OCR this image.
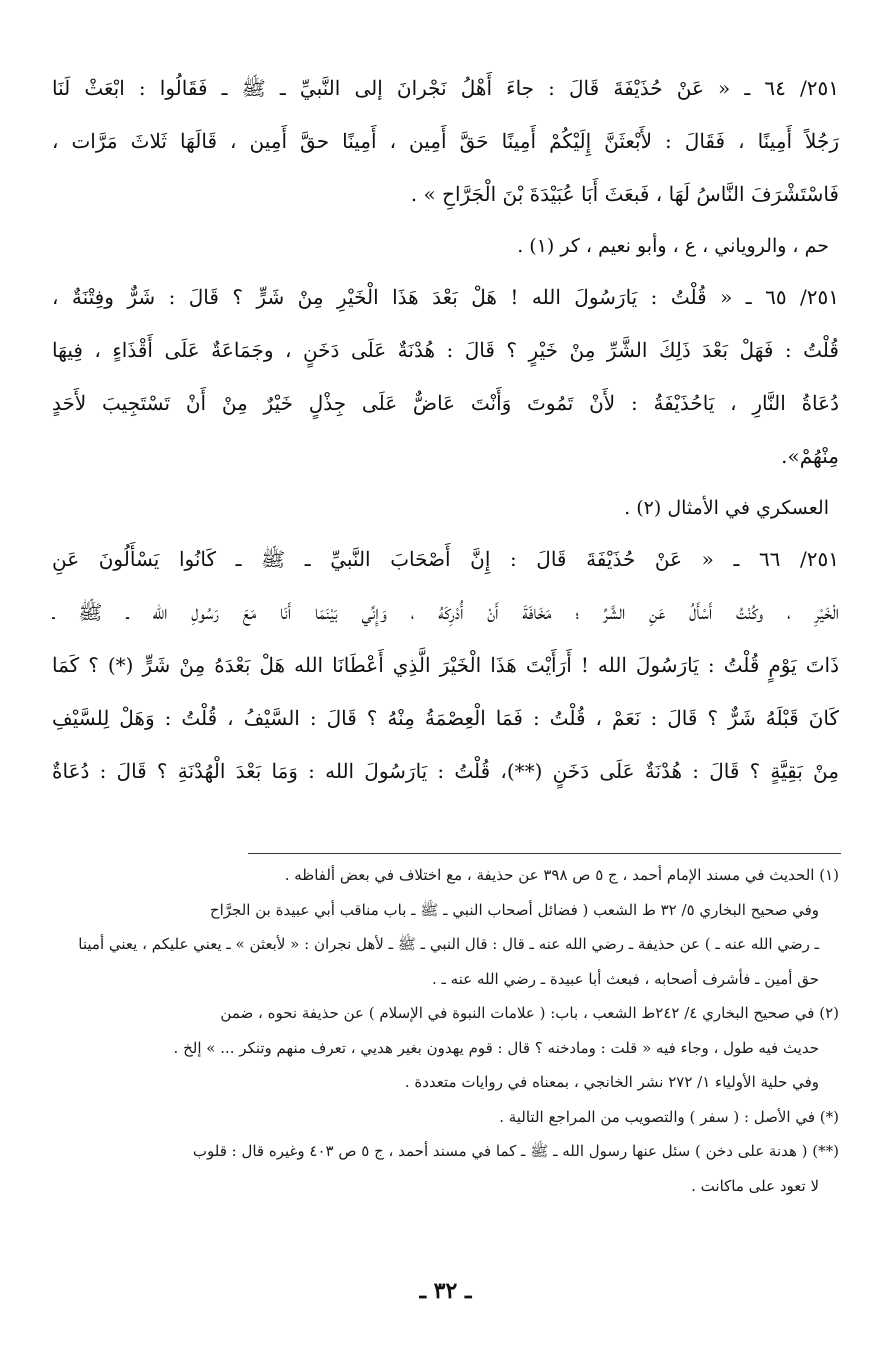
٢٥١/ ٦٤ ـ « عَنْ حُذَيْفَةَ قَالَ : جاءَ أَهْلُ نَجْرانَ إلى النَّبيِّ ـ ﷺ ـ فَقَالُوا : ابْعَثْ لَنَا
رَجُلاً أَمِينًا ، فَقَالَ : لأَبْعثَنَّ إِلَيْكُمْ أَمِينًا حَقَّ أَمِين ، أَمِينًا حقَّ أَمِين ، قَالَهَا ثَلاثَ مَرَّات ،
فَاسْتَشْرَفَ النَّاسُ لَهَا ، فَبعَثَ أَبَا عُبَيْدَةَ بْنَ الْجَرَّاحِ » .
حم ، والروياني ، ع ، وأبو نعيم ، كر (١) .
٢٥١/ ٦٥ ـ « قُلْتُ : يَارَسُولَ الله ! هَلْ بَعْدَ هَذَا الْخَيْرِ مِنْ شَرٍّ ؟ قَالَ : شَرٌّ وفِتْنَةٌ ،
قُلْتُ : فَهَلْ بَعْدَ ذَلِكَ الشَّرِّ مِنْ خَيْرٍ ؟ قَالَ : هُدْنَةٌ عَلَى دَخَنٍ ، وجَمَاعَةٌ عَلَى أَقْذَاءٍ ، فِيهَا
دُعَاةُ النَّارِ ، يَاحُذَيْفَةُ : لأَنْ تَمُوتَ وَأَنْتَ عَاضٌّ عَلَى جِذْلٍ خَيْرٌ مِنْ أَنْ تَسْتَجِيبَ لأَحَدٍ
مِنْهُمْ».
العسكري في الأمثال (٢) .
٢٥١/ ٦٦ ـ « عَنْ حُذَيْفَةَ قَالَ : إِنَّ أَصْحَابَ النَّبيِّ ـ ﷺ ـ كَانُوا يَسْأَلُونَ عَنِ
الْخَيْرِ ، وكُنْتُ أَسْأَلُ عَنِ الشَّرِّ ؛ مَخَافَةَ أَنْ أُدْرِكَهُ ، وَإِنِّي بَيْنَمَا أَنَا مَعَ رَسُولِ الله ـ ﷺ ـ
ذَاتَ يَوْمٍ قُلْتُ : يَارَسُولَ الله ! أَرَأَيْتَ هَذَا الْخَيْرَ الَّذِي أَعْطَانَا الله هَلْ بَعْدَهُ مِنْ شَرٍّ (*) ؟ كَمَا
كَانَ قَبْلَهُ شَرٌّ ؟ قَالَ : نَعَمْ ، قُلْتُ : فَمَا الْعِصْمَةُ مِنْهُ ؟ قَالَ : السَّيْفُ ، قُلْتُ : وَهَلْ لِلسَّيْفِ
مِنْ بَقِيَّةٍ ؟ قَالَ : هُدْنَةٌ عَلَى دَخَنٍ (**)، قُلْتُ : يَارَسُولَ الله : وَمَا بَعْدَ الْهُدْنَةِ ؟ قَالَ : دُعَاةٌ
(١) الحديث في مسند الإمام أحمد ، ج ٥ ص ٣٩٨ عن حذيفة ، مع اختلاف في بعض ألفاظه .
وفي صحيح البخاري ٥/ ٣٢ ط الشعب ( فضائل أصحاب النبي ـ ﷺ ـ باب مناقب أبي عبيدة بن الجرَّاح
ـ رضي الله عنه ـ ) عن حذيفة ـ رضي الله عنه ـ قال : قال النبي ـ ﷺ ـ لأهل نجران : « لأبعثن » ـ يعني عليكم ، يعني أمينا
حق أمين ـ فأشرف أصحابه ، فبعث أبا عبيدة ـ رضي الله عنه ـ .
(٢) في صحيح البخاري ٤/ ٢٤٢ط الشعب ، باب: ( علامات النبوة في الإسلام ) عن حذيفة نحوه ، ضمن
حديث فيه طول ، وجاء فيه « قلت : ومادخنه ؟ قال : قوم يهدون بغير هديي ، تعرف منهم وتنكر ... » إلخ .
وفي حلية الأولياء ١/ ٢٧٢ نشر الخانجي ، بمعناه في روايات متعددة .
(*) في الأصل : ( سفر ) والتصويب من المراجع التالية .
(**) ( هدنة على دخن ) سئل عنها رسول الله ـ ﷺ ـ كما في مسند أحمد ، ج ٥ ص ٤٠٣ وغيره قال : قلوب
لا تعود على ماكانت .
ـ ٣٢ ـ
